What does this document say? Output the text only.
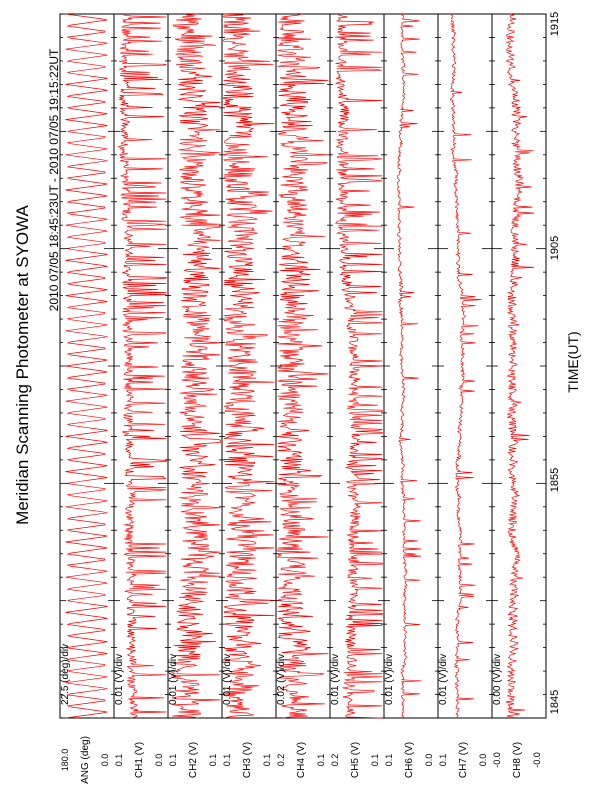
Meridian Scanning Photometer at SYOWA
2010 07/05 18:45:23UT - 2010 07/05 19:15:22UT
TIME(UT)
1845
1855
1905
1915
22.5 (deg)/div
ANG (deg) 0.0
180.0
0.01 (V)/div
CH1 (V) 0.0
0.1
0.01 (V)/div
CH2 (V) 0.1
0.1
0.01 (V)/div
CH3 (V) 0.1
0.1
0.02 (V)/div
CH4 (V) 0.1
0.2
0.01 (V)/div
CH5 (V) 0.1
0.2
0.01 (V)/div
CH6 (V) 0.0
0.1
0.01 (V)/div
CH7 (V) 0.0
0.1
0.00 (V)/div
CH8 (V) -0.0
-0.0
